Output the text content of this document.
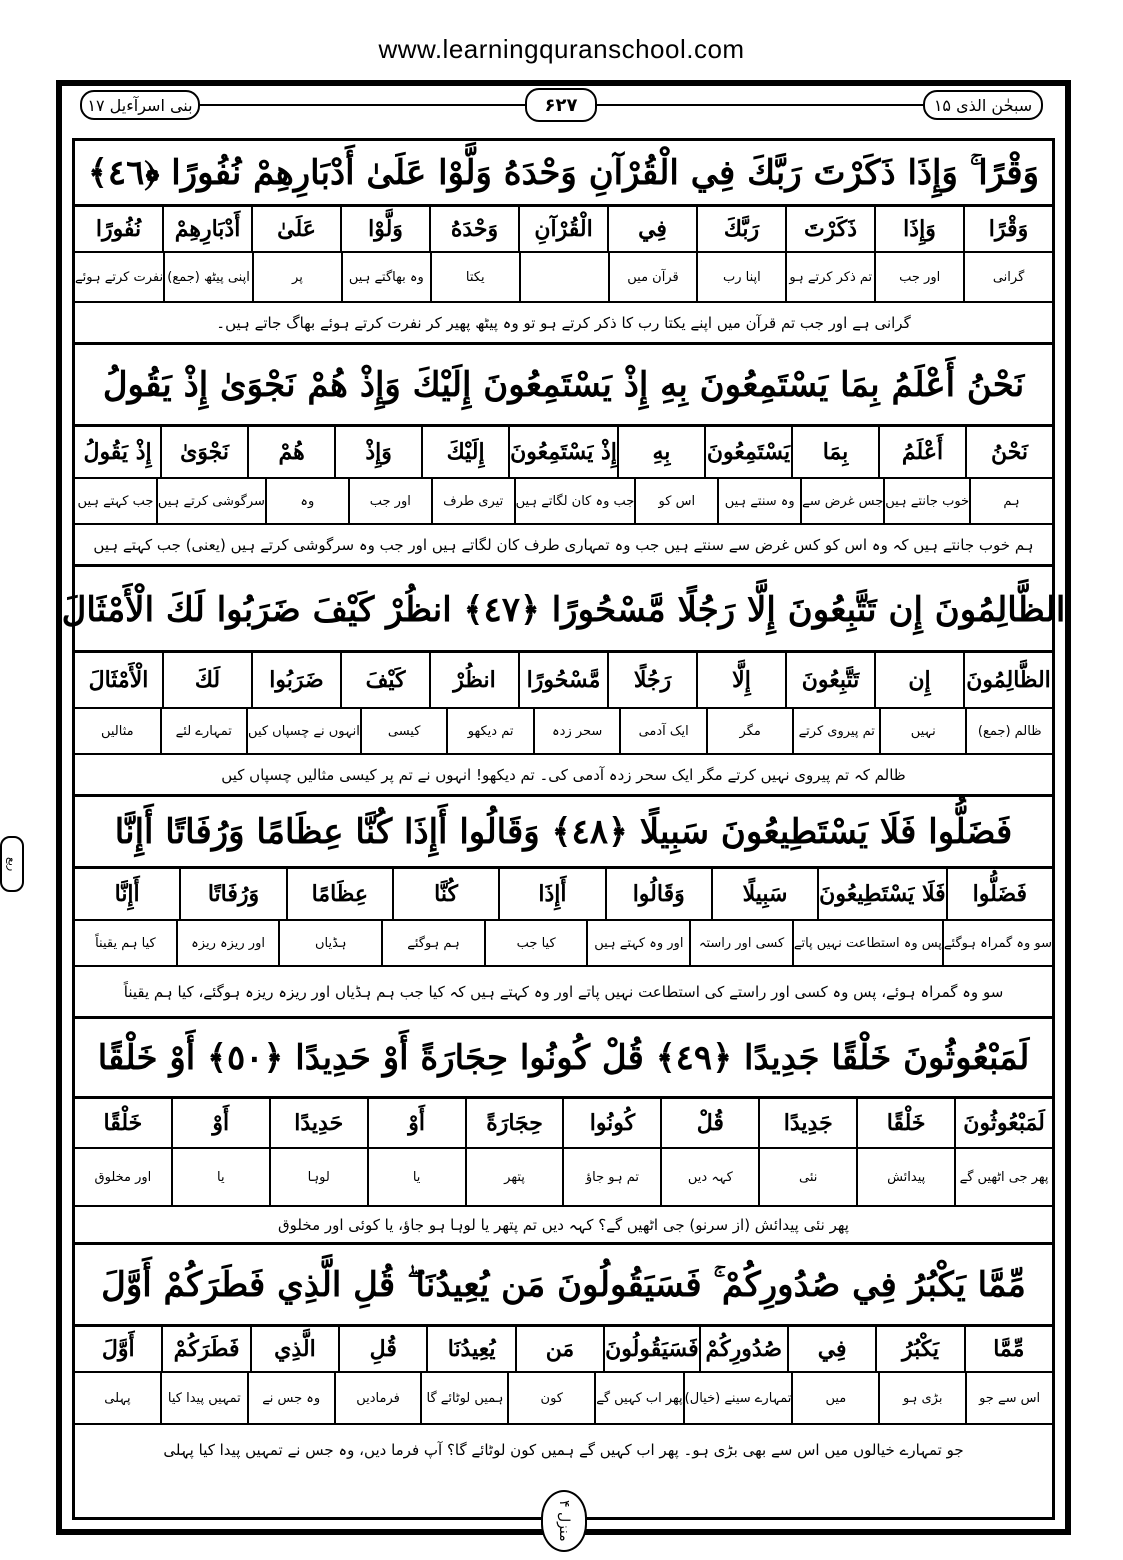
www.learningquranschool.com
بنی اسرآءیل ۱۷	۶۲۷	سبحٰن الذی ۱۵
ربع
وَقْرًا ۚ وَإِذَا ذَكَرْتَ رَبَّكَ فِي الْقُرْآنِ وَحْدَهُ وَلَّوْا عَلَىٰ أَدْبَارِهِمْ نُفُورًا ﴿٤٦﴾
وَقْرًا
وَإِذَا
ذَكَرْتَ
رَبَّكَ
فِي
الْقُرْآنِ
وَحْدَهُ
وَلَّوْا
عَلَىٰ
أَدْبَارِهِمْ
نُفُورًا
گرانی
اور جب
تم ذکر کرتے ہو
اپنا رب
قرآن میں
یکتا
وہ بھاگتے ہیں
پر
اپنی پیٹھ (جمع)
نفرت کرتے ہوئے
گرانی ہے اور جب تم قرآن میں اپنے یکتا رب کا ذکر کرتے ہو تو وہ پیٹھ پھیر کر نفرت کرتے ہوئے بھاگ جاتے ہیں۔
نَحْنُ أَعْلَمُ بِمَا يَسْتَمِعُونَ بِهِ إِذْ يَسْتَمِعُونَ إِلَيْكَ وَإِذْ هُمْ نَجْوَىٰ إِذْ يَقُولُ
نَحْنُ
أَعْلَمُ
بِمَا
يَسْتَمِعُونَ
بِهِ
إِذْ يَسْتَمِعُونَ
إِلَيْكَ
وَإِذْ
هُمْ
نَجْوَىٰ
إِذْ يَقُولُ
ہم
خوب جانتے ہیں
جس غرض سے
وہ سنتے ہیں
اس کو
جب وہ کان لگاتے ہیں
تیری طرف
اور جب
وہ
سرگوشی کرتے ہیں
جب کہتے ہیں
ہم خوب جانتے ہیں کہ وہ اس کو کس غرض سے سنتے ہیں جب وہ تمہاری طرف کان لگاتے ہیں اور جب وہ سرگوشی کرتے ہیں (یعنی) جب کہتے ہیں
الظَّالِمُونَ إِن تَتَّبِعُونَ إِلَّا رَجُلًا مَّسْحُورًا ﴿٤٧﴾ انظُرْ كَيْفَ ضَرَبُوا لَكَ الْأَمْثَالَ
الظَّالِمُونَ
إِن
تَتَّبِعُونَ
إِلَّا
رَجُلًا
مَّسْحُورًا
انظُرْ
كَيْفَ
ضَرَبُوا
لَكَ
الْأَمْثَالَ
ظالم (جمع)
نہیں
تم پیروی کرتے
مگر
ایک آدمی
سحر زدہ
تم دیکھو
کیسی
انہوں نے چسپاں کیں
تمہارے لئے
مثالیں
ظالم کہ تم پیروی نہیں کرتے مگر ایک سحر زدہ آدمی کی۔ تم دیکھو! انہوں نے تم پر کیسی مثالیں چسپاں کیں
فَضَلُّوا فَلَا يَسْتَطِيعُونَ سَبِيلًا ﴿٤٨﴾ وَقَالُوا أَإِذَا كُنَّا عِظَامًا وَرُفَاتًا أَإِنَّا
فَضَلُّوا
فَلَا يَسْتَطِيعُونَ
سَبِيلًا
وَقَالُوا
أَإِذَا
كُنَّا
عِظَامًا
وَرُفَاتًا
أَإِنَّا
سو وہ گمراہ ہوگئے
پس وہ استطاعت نہیں پاتے
کسی اور راستہ
اور وہ کہتے ہیں
کیا جب
ہم ہوگئے
ہڈیاں
اور ریزہ ریزہ
کیا ہم یقیناً
سو وہ گمراہ ہوئے، پس وہ کسی اور راستے کی استطاعت نہیں پاتے اور وہ کہتے ہیں کہ کیا جب ہم ہڈیاں اور ریزہ ریزہ ہوگئے، کیا ہم یقیناً
لَمَبْعُوثُونَ خَلْقًا جَدِيدًا ﴿٤٩﴾ قُلْ كُونُوا حِجَارَةً أَوْ حَدِيدًا ﴿٥٠﴾ أَوْ خَلْقًا
لَمَبْعُوثُونَ
خَلْقًا
جَدِيدًا
قُلْ
كُونُوا
حِجَارَةً
أَوْ
حَدِيدًا
أَوْ
خَلْقًا
پھر جی اٹھیں گے
پیدائش
نئی
کہہ دیں
تم ہو جاؤ
پتھر
یا
لوہا
یا
اور مخلوق
پھر نئی پیدائش (از سرنو) جی اٹھیں گے؟ کہہ دیں تم پتھر یا لوہا ہو جاؤ، یا کوئی اور مخلوق
مِّمَّا يَكْبُرُ فِي صُدُورِكُمْ ۚ فَسَيَقُولُونَ مَن يُعِيدُنَا ۖ قُلِ الَّذِي فَطَرَكُمْ أَوَّلَ
مِّمَّا
يَكْبُرُ
فِي
صُدُورِكُمْ
فَسَيَقُولُونَ
مَن
يُعِيدُنَا
قُلِ
الَّذِي
فَطَرَكُمْ
أَوَّلَ
اس سے جو
بڑی ہو
میں
تمہارے سینے (خیال)
پھر اب کہیں گے
کون
ہمیں لوٹائے گا
فرمادیں
وہ جس نے
تمہیں پیدا کیا
پہلی
جو تمہارے خیالوں میں اس سے بھی بڑی ہو۔ پھر اب کہیں گے ہمیں کون لوٹائے گا؟ آپ فرما دیں، وہ جس نے تمہیں پیدا کیا پہلی
منزل ۴
